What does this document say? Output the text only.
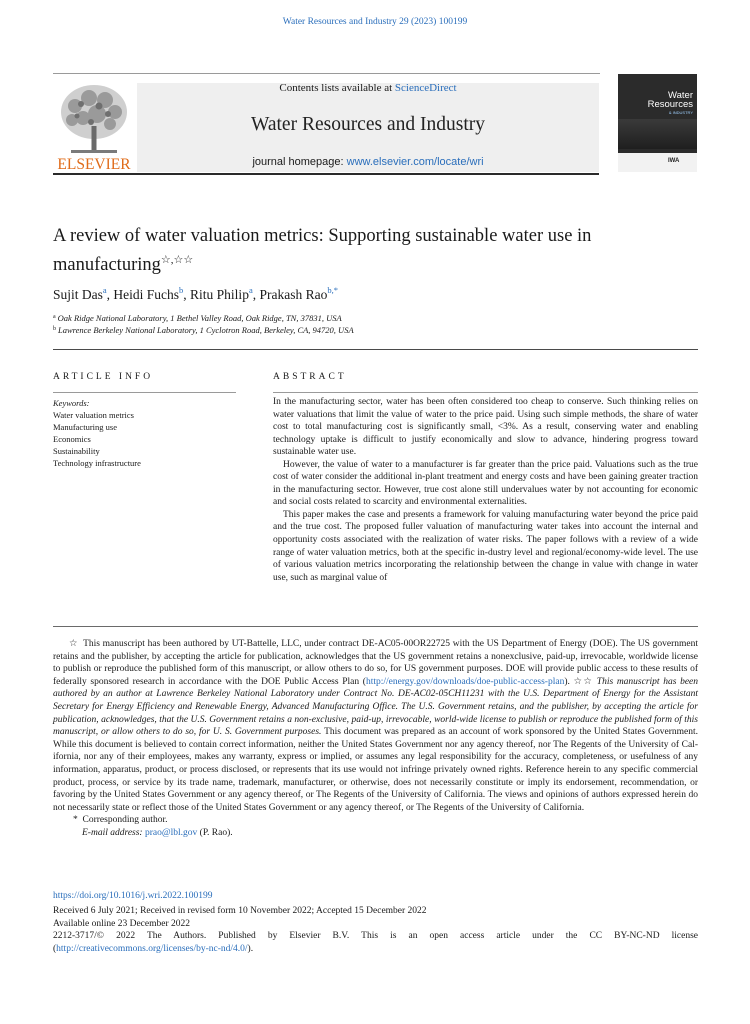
Water Resources and Industry 29 (2023) 100199
ELSEVIER
Contents lists available at ScienceDirect
Water Resources and Industry
journal homepage: www.elsevier.com/locate/wri
Water
Resources
& INDUSTRY
IWA
A review of water valuation metrics: Supporting sustainable water use in manufacturing☆,☆☆
Sujit Das$^a$, Heidi Fuchs$^b$, Ritu Philip$^a$, Prakash Rao$^{b,*}$
$^a$ Oak Ridge National Laboratory, 1 Bethel Valley Road, Oak Ridge, TN, 37831, USA
$^b$ Lawrence Berkeley National Laboratory, 1 Cyclotron Road, Berkeley, CA, 94720, USA
ARTICLE INFO
Keywords:
Water valuation metrics
Manufacturing use
Economics
Sustainability
Technology infrastructure
ABSTRACT

In the manufacturing sector, water has been often considered too cheap to conserve. Such thinking relies on water valuations that limit the value of water to the price paid. Using such simple methods, the share of water cost to total manufacturing cost is significantly small, <3%. As a result, conserving water and enabling technology uptake is difficult to justify economically and slow to advance, hindering progress toward sustainable water use.

However, the value of water to a manufacturer is far greater than the price paid. Valuations such as the true cost of water consider the additional in-plant treatment and energy costs and have been gaining greater traction in the manufacturing sector. However, true cost alone still undervalues water by not accounting for economic and social costs related to scarcity and environmental externalities.

This paper makes the case and presents a framework for valuing manufacturing water beyond the price paid and the true cost. The proposed fuller valuation of manufacturing water takes into account the internal and opportunity costs associated with the realization of water risks. The paper follows with a review of a wide range of water valuation metrics, both at the specific in-dustry level and regional/economy-wide level. The use of various valuation metrics incorporating the relationship between the change in value with change in water use, such as marginal value of

☆ This manuscript has been authored by UT-Battelle, LLC, under contract DE-AC05-00OR22725 with the US Department of Energy (DOE). The US government retains and the publisher, by accepting the article for publication, acknowledges that the US government retains a nonexclusive, paid-up, irrevocable, worldwide license to publish or reproduce the published form of this manuscript, or allow others to do so, for US government purposes. DOE will provide public access to these results of federally sponsored research in accordance with the DOE Public Access Plan (http://energy.gov/downloads/doe-public-access-plan). ☆☆ This manuscript has been authored by an author at Lawrence Berkeley National Laboratory under Contract No. DE-AC02-05CH11231 with the U.S. Department of Energy for the Assistant Secretary for Energy Efficiency and Renewable Energy, Advanced Manufacturing Office. The U.S. Government retains, and the publisher, by accepting the article for publication, acknowledges, that the U.S. Government retains a non-exclusive, paid-up, irrevocable, world-wide license to publish or reproduce the published form of this manuscript, or allow others to do so, for U. S. Government purposes. This document was prepared as an account of work sponsored by the United States Government. While this document is believed to contain correct information, neither the United States Government nor any agency thereof, nor The Regents of the University of Cal-ifornia, nor any of their employees, makes any warranty, express or implied, or assumes any legal responsibility for the accuracy, completeness, or usefulness of any information, apparatus, product, or process disclosed, or represents that its use would not infringe privately owned rights. Reference herein to any specific commercial product, process, or service by its trade name, trademark, manufacturer, or otherwise, does not necessarily constitute or imply its endorsement, recommendation, or favoring by the United States Government or any agency thereof, or The Regents of the University of California. The views and opinions of authors expressed herein do not necessarily state or reflect those of the United States Government or any agency thereof, or The Regents of the University of California.
* Corresponding author.
E-mail address: prao@lbl.gov (P. Rao).
https://doi.org/10.1016/j.wri.2022.100199
Received 6 July 2021; Received in revised form 10 November 2022; Accepted 15 December 2022
Available online 23 December 2022
2212-3717/© 2022 The Authors. Published by Elsevier B.V. This is an open access article under the CC BY-NC-ND license
(http://creativecommons.org/licenses/by-nc-nd/4.0/).
